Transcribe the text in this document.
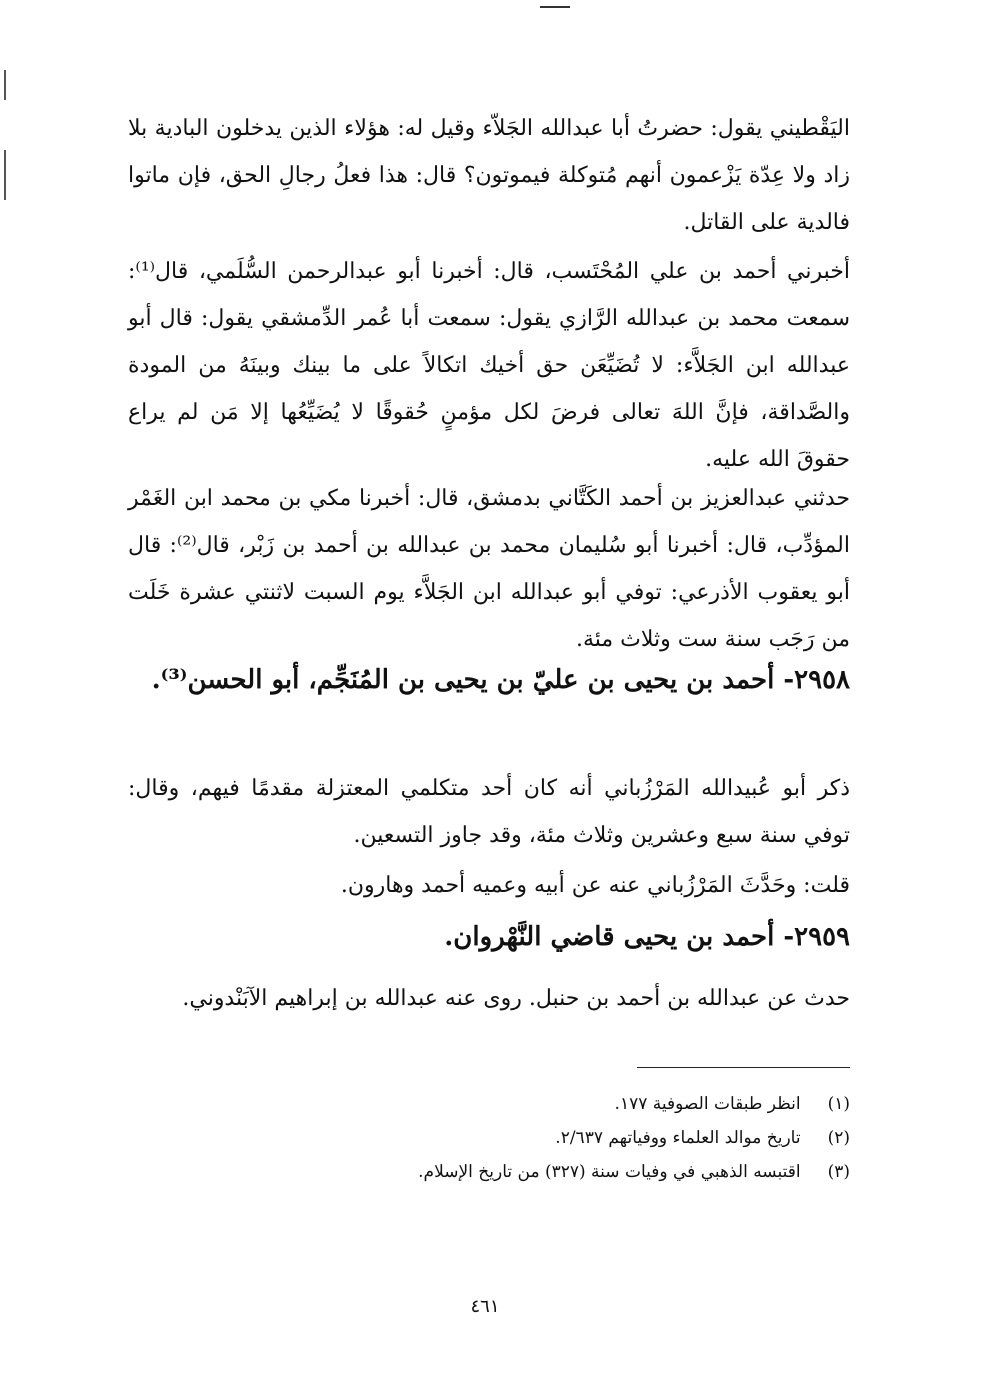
اليَقْطيني يقول: حضرتُ أبا عبدالله الجَلاّء وقيل له: هؤلاء الذين يدخلون البادية بلا زاد ولا عِدّة يَزْعمون أنهم مُتوكلة فيموتون؟ قال: هذا فعلُ رجالِ الحق، فإن ماتوا فالدية على القاتل.

أخبرني أحمد بن علي المُحْتَسب، قال: أخبرنا أبو عبدالرحمن السُّلَمي، قال⁽¹⁾: سمعت محمد بن عبدالله الرَّازي يقول: سمعت أبا عُمر الدِّمشقي يقول: قال أبو عبدالله ابن الجَلاَّء: لا تُضَيِّعَن حق أخيك اتكالاً على ما بينك وبينَهُ من المودة والصَّداقة، فإنَّ اللهَ تعالى فرضَ لكل مؤمنٍ حُقوقًا لا يُضَيِّعُها إلا مَن لم يراع حقوقَ الله عليه.

حدثني عبدالعزيز بن أحمد الكَتَّاني بدمشق، قال: أخبرنا مكي بن محمد ابن الغَمْر المؤدِّب، قال: أخبرنا أبو سُليمان محمد بن عبدالله بن أحمد بن زَبْر، قال⁽²⁾: قال أبو يعقوب الأذرعي: توفي أبو عبدالله ابن الجَلاَّء يوم السبت لاثنتي عشرة خَلَت من رَجَب سنة ست وثلاث مئة.

٢٩٥٨- أحمد بن يحيى بن عليّ بن يحيى بن المُنَجِّم، أبو الحسن⁽³⁾.

ذكر أبو عُبيدالله المَرْزُباني أنه كان أحد متكلمي المعتزلة مقدمًا فيهم، وقال: توفي سنة سبع وعشرين وثلاث مئة، وقد جاوز التسعين.

قلت: وحَدَّثَ المَرْزُباني عنه عن أبيه وعميه أحمد وهارون.

٢٩٥٩- أحمد بن يحيى قاضي النَّهْروان.

حدث عن عبدالله بن أحمد بن حنبل. روى عنه عبدالله بن إبراهيم الآبَنْدوني.

(١) انظر طبقات الصوفية ١٧٧.
(٢) تاريخ موالد العلماء ووفياتهم ٢/٦٣٧.
(٣) اقتبسه الذهبي في وفيات سنة (٣٢٧) من تاريخ الإسلام.
٤٦١
